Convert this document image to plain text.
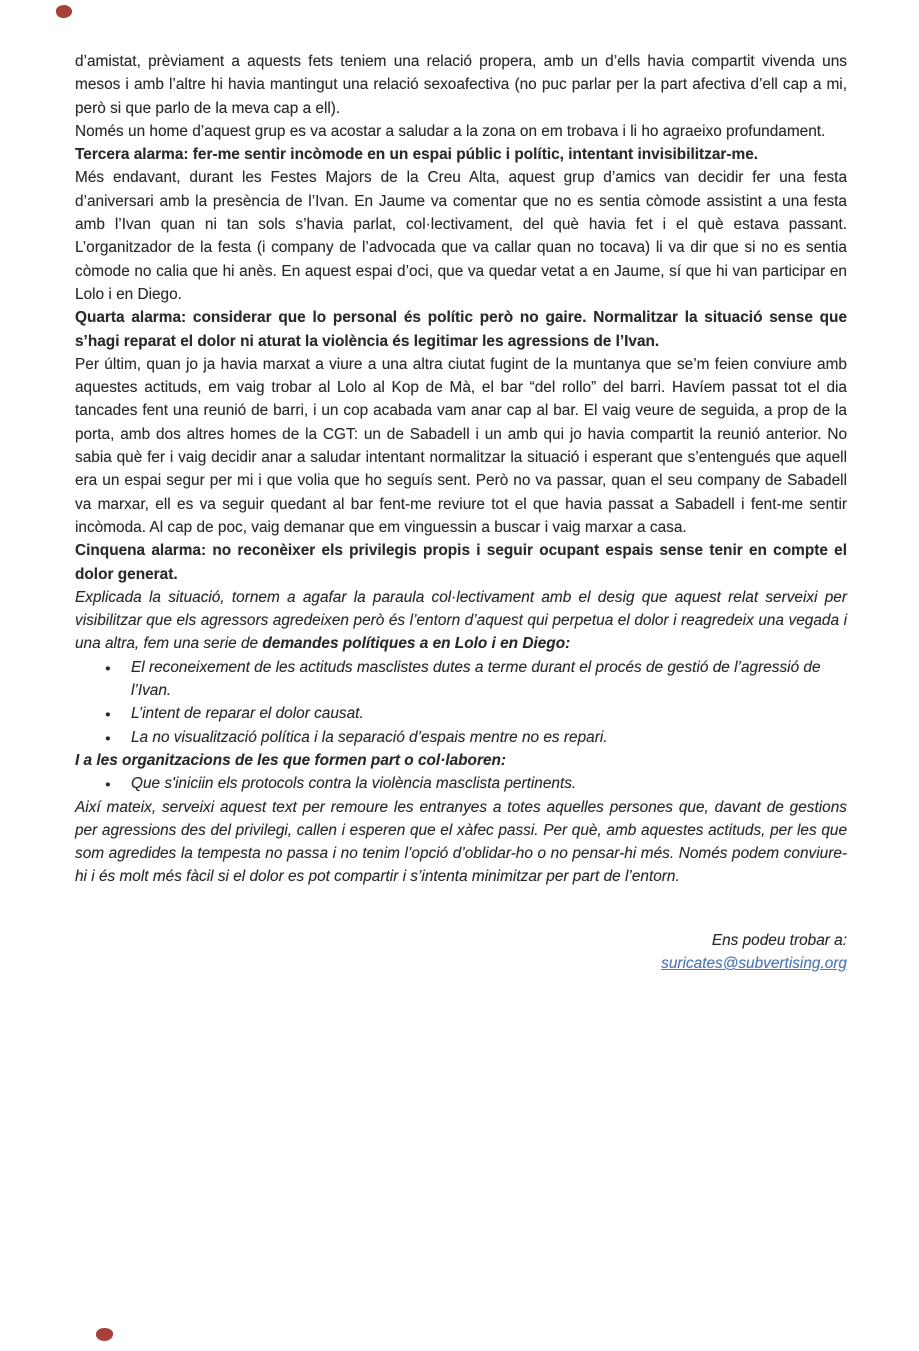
d’amistat, prèviament a aquests fets teniem una relació propera, amb un d’ells havia compartit vivenda uns mesos i amb l’altre hi havia mantingut una relació sexoafectiva (no puc parlar per la part afectiva d’ell cap a mi, però si que parlo de la meva cap a ell).

Només un home d’aquest grup es va acostar a saludar a la zona on em trobava i li ho agraeixo profundament.

Tercera alarma: fer-me sentir incòmode en un espai públic i polític, intentant invisibilitzar-me.

Més endavant, durant les Festes Majors de la Creu Alta, aquest grup d’amics van decidir fer una festa d’aniversari amb la presència de l’Ivan. En Jaume va comentar que no es sentia còmode assistint a una festa amb l’Ivan quan ni tan sols s’havia parlat, col·lectivament, del què havia fet i el què estava passant. L’organitzador de la festa (i company de l’advocada que va callar quan no tocava) li va dir que si no es sentia còmode no calia que hi anès. En aquest espai d’oci, que va quedar vetat a en Jaume, sí que hi van participar en Lolo i en Diego.

Quarta alarma: considerar que lo personal és polític però no gaire. Normalitzar la situació sense que s’hagi reparat el dolor ni aturat la violència és legitimar les agressions de l’Ivan.

Per últim, quan jo ja havia marxat a viure a una altra ciutat fugint de la muntanya que se’m feien conviure amb aquestes actituds, em vaig trobar al Lolo al Kop de Mà, el bar “del rollo” del barri. Havíem passat tot el dia tancades fent una reunió de barri, i un cop acabada vam anar cap al bar. El vaig veure de seguida, a prop de la porta, amb dos altres homes de la CGT: un de Sabadell i un amb qui jo havia compartit la reunió anterior. No sabia què fer i vaig decidir anar a saludar intentant normalitzar la situació i esperant que s’entengués que aquell era un espai segur per mi i que volia que ho seguís sent. Però no va passar, quan el seu company de Sabadell va marxar, ell es va seguir quedant al bar fent-me reviure tot el que havia passat a Sabadell i fent-me sentir incòmoda. Al cap de poc, vaig demanar que em vinguessin a buscar i vaig marxar a casa.

Cinquena alarma: no reconèixer els privilegis propis i seguir ocupant espais sense tenir en compte el dolor generat.

Explicada la situació, tornem a agafar la paraula col·lectivament amb el desig que aquest relat serveixi per visibilitzar que els agressors agredeixen però és l’entorn d’aquest qui perpetua el dolor i reagredeix una vegada i una altra, fem una serie de demandes polítiques a en Lolo i en Diego:

● El reconeixement de les actituds masclistes dutes a terme durant el procés de gestió de l’agressió de l’Ivan.
● L’intent de reparar el dolor causat.
● La no visualització política i la separació d’espais mentre no es repari.

I a les organitzacions de les que formen part o col·laboren:

● Que s'iniciin els protocols contra la violència masclista pertinents.

Així mateix, serveixi aquest text per remoure les entranyes a totes aquelles persones que, davant de gestions per agressions des del privilegi, callen i esperen que el xàfec passi. Per què, amb aquestes actituds, per les que som agredides la tempesta no passa i no tenim l’opció d’oblidar-ho o no pensar-hi més. Només podem conviure-hi i és molt més fàcil si el dolor es pot compartir i s’intenta minimitzar per part de l’entorn.

Ens podeu trobar a:

suricates@subvertising.org
